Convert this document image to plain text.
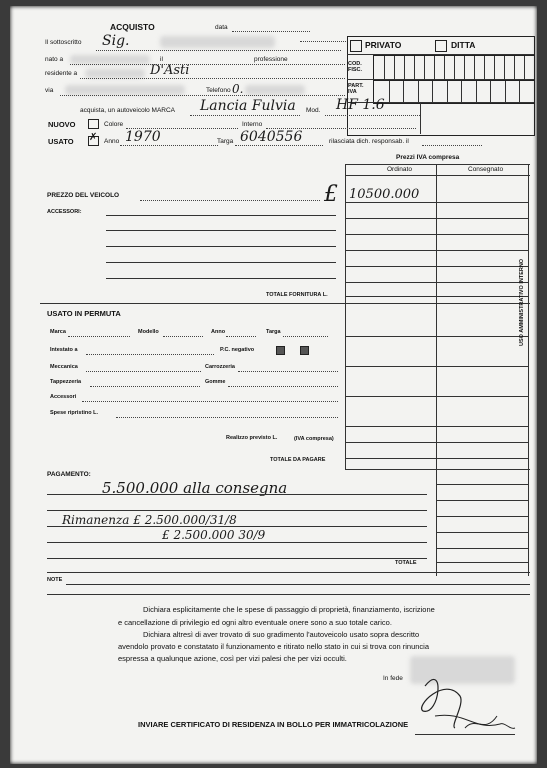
ACQUISTO	data
PRIVATO	DITTA
COD. FISC.
PART. IVA
Il sottoscritto Sig.
nato a	il	professione
residente a	D'Asti
via	Telefono 0.
acquista, un autoveicolo MARCA Lancia Fulvia Mod. HF 1.6
NUOVO	Colore	Interno
USATO ✗ Anno 1970	Targa 6040556	rilasciata dich. responsab. il
Prezzi IVA compresa
Ordinato	Consegnato
PREZZO DEL VEICOLO	£ 10500.000
ACCESSORI:
TOTALE FORNITURA L.
USATO IN PERMUTA
Marca	Modello	Anno	Targa
Intestato a	P.C. negativo
Meccanica	Carrozzeria
Tappezzeria	Gomme
Accessori
Spese ripristino L.
Realizzo previsto L.	(IVA compresa)
TOTALE DA PAGARE
PAGAMENTO:
5.500.000 alla consegna
Rimanenza £ 2.500.000/31/8
£ 2.500.000 30/9
TOTALE
NOTE
USO AMMINISTRATIVO INTERNO
Dichiara esplicitamente che le spese di passaggio di proprietà, finanziamento, iscrizione
e cancellazione di privilegio ed ogni altro eventuale onere sono a suo totale carico.
Dichiara altresì di aver trovato di suo gradimento l'autoveicolo usato sopra descritto
avendolo provato e constatato il funzionamento e ritirato nello stato in cui si trova con rinuncia
espressa a qualunque azione, così per vizi palesi che per vizi occulti.
In fede
INVIARE CERTIFICATO DI RESIDENZA IN BOLLO PER IMMATRICOLAZIONE
